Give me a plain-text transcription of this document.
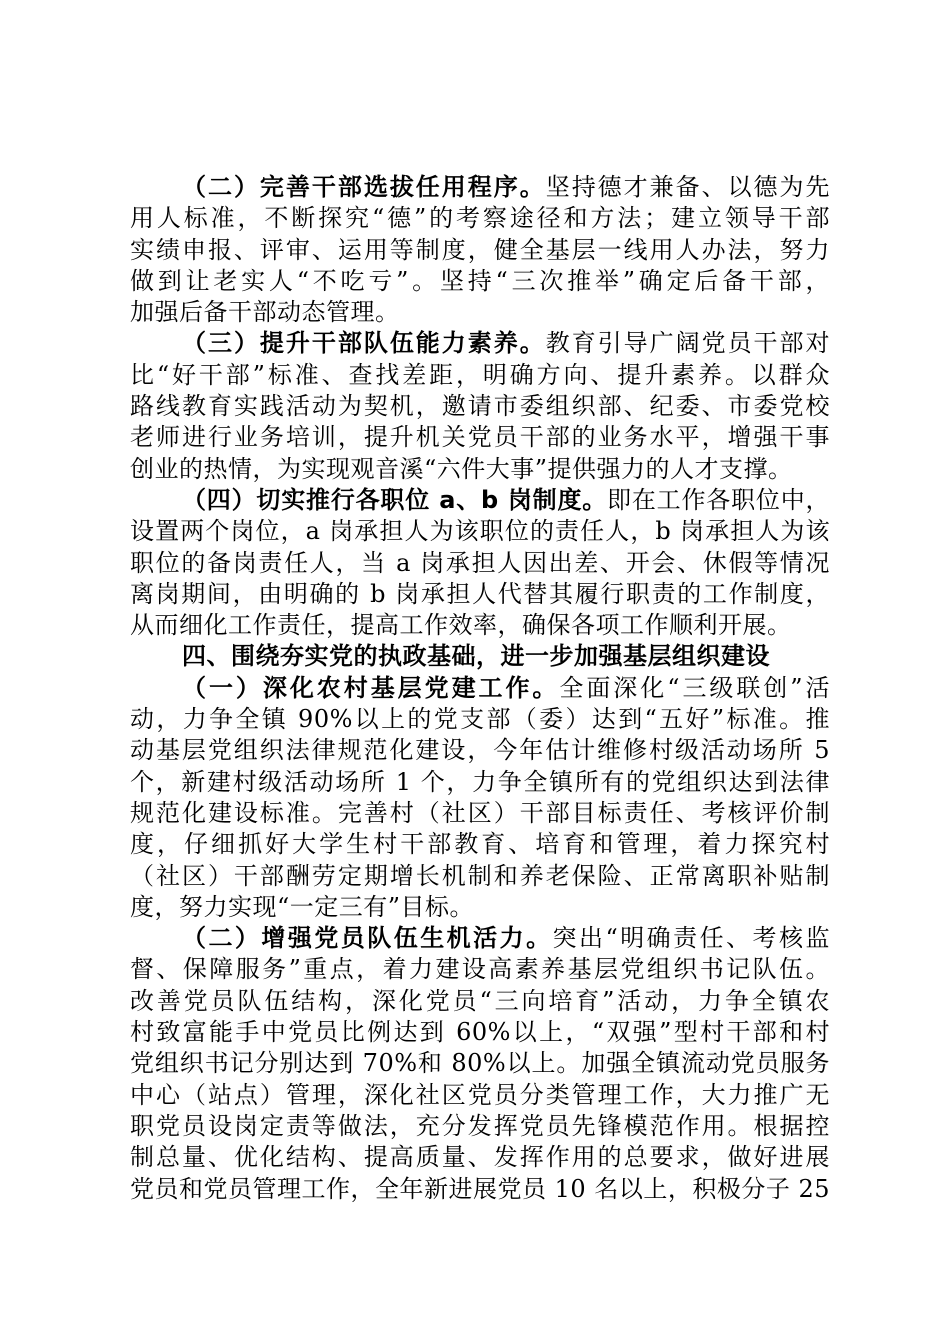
（二）完善干部选拔任用程序。坚持德才兼备、以德为先
用人标准，不断探究“德”的考察途径和方法；建立领导干部
实绩申报、评审、运用等制度，健全基层一线用人办法，努力
做到让老实人“不吃亏”。坚持“三次推举”确定后备干部，
加强后备干部动态管理。
（三）提升干部队伍能力素养。教育引导广阔党员干部对
比“好干部”标准、查找差距，明确方向、提升素养。以群众
路线教育实践活动为契机，邀请市委组织部、纪委、市委党校
老师进行业务培训，提升机关党员干部的业务水平，增强干事
创业的热情，为实现观音溪“六件大事”提供强力的人才支撑。
（四）切实推行各职位 a、b 岗制度。即在工作各职位中，
设置两个岗位，a 岗承担人为该职位的责任人，b 岗承担人为该
职位的备岗责任人，当 a 岗承担人因出差、开会、休假等情况
离岗期间，由明确的 b 岗承担人代替其履行职责的工作制度，
从而细化工作责任，提高工作效率，确保各项工作顺利开展。
四、围绕夯实党的执政基础，进一步加强基层组织建设
（一）深化农村基层党建工作。全面深化“三级联创”活
动，力争全镇 90%以上的党支部（委）达到“五好”标准。推
动基层党组织法律规范化建设，今年估计维修村级活动场所 5
个，新建村级活动场所 1 个，力争全镇所有的党组织达到法律
规范化建设标准。完善村（社区）干部目标责任、考核评价制
度，仔细抓好大学生村干部教育、培育和管理，着力探究村
（社区）干部酬劳定期增长机制和养老保险、正常离职补贴制
度，努力实现“一定三有”目标。
（二）增强党员队伍生机活力。突出“明确责任、考核监
督、保障服务”重点，着力建设高素养基层党组织书记队伍。
改善党员队伍结构，深化党员“三向培育”活动，力争全镇农
村致富能手中党员比例达到 60%以上，“双强”型村干部和村
党组织书记分别达到 70%和 80%以上。加强全镇流动党员服务
中心（站点）管理，深化社区党员分类管理工作，大力推广无
职党员设岗定责等做法，充分发挥党员先锋模范作用。根据控
制总量、优化结构、提高质量、发挥作用的总要求，做好进展
党员和党员管理工作，全年新进展党员 10 名以上，积极分子 25
